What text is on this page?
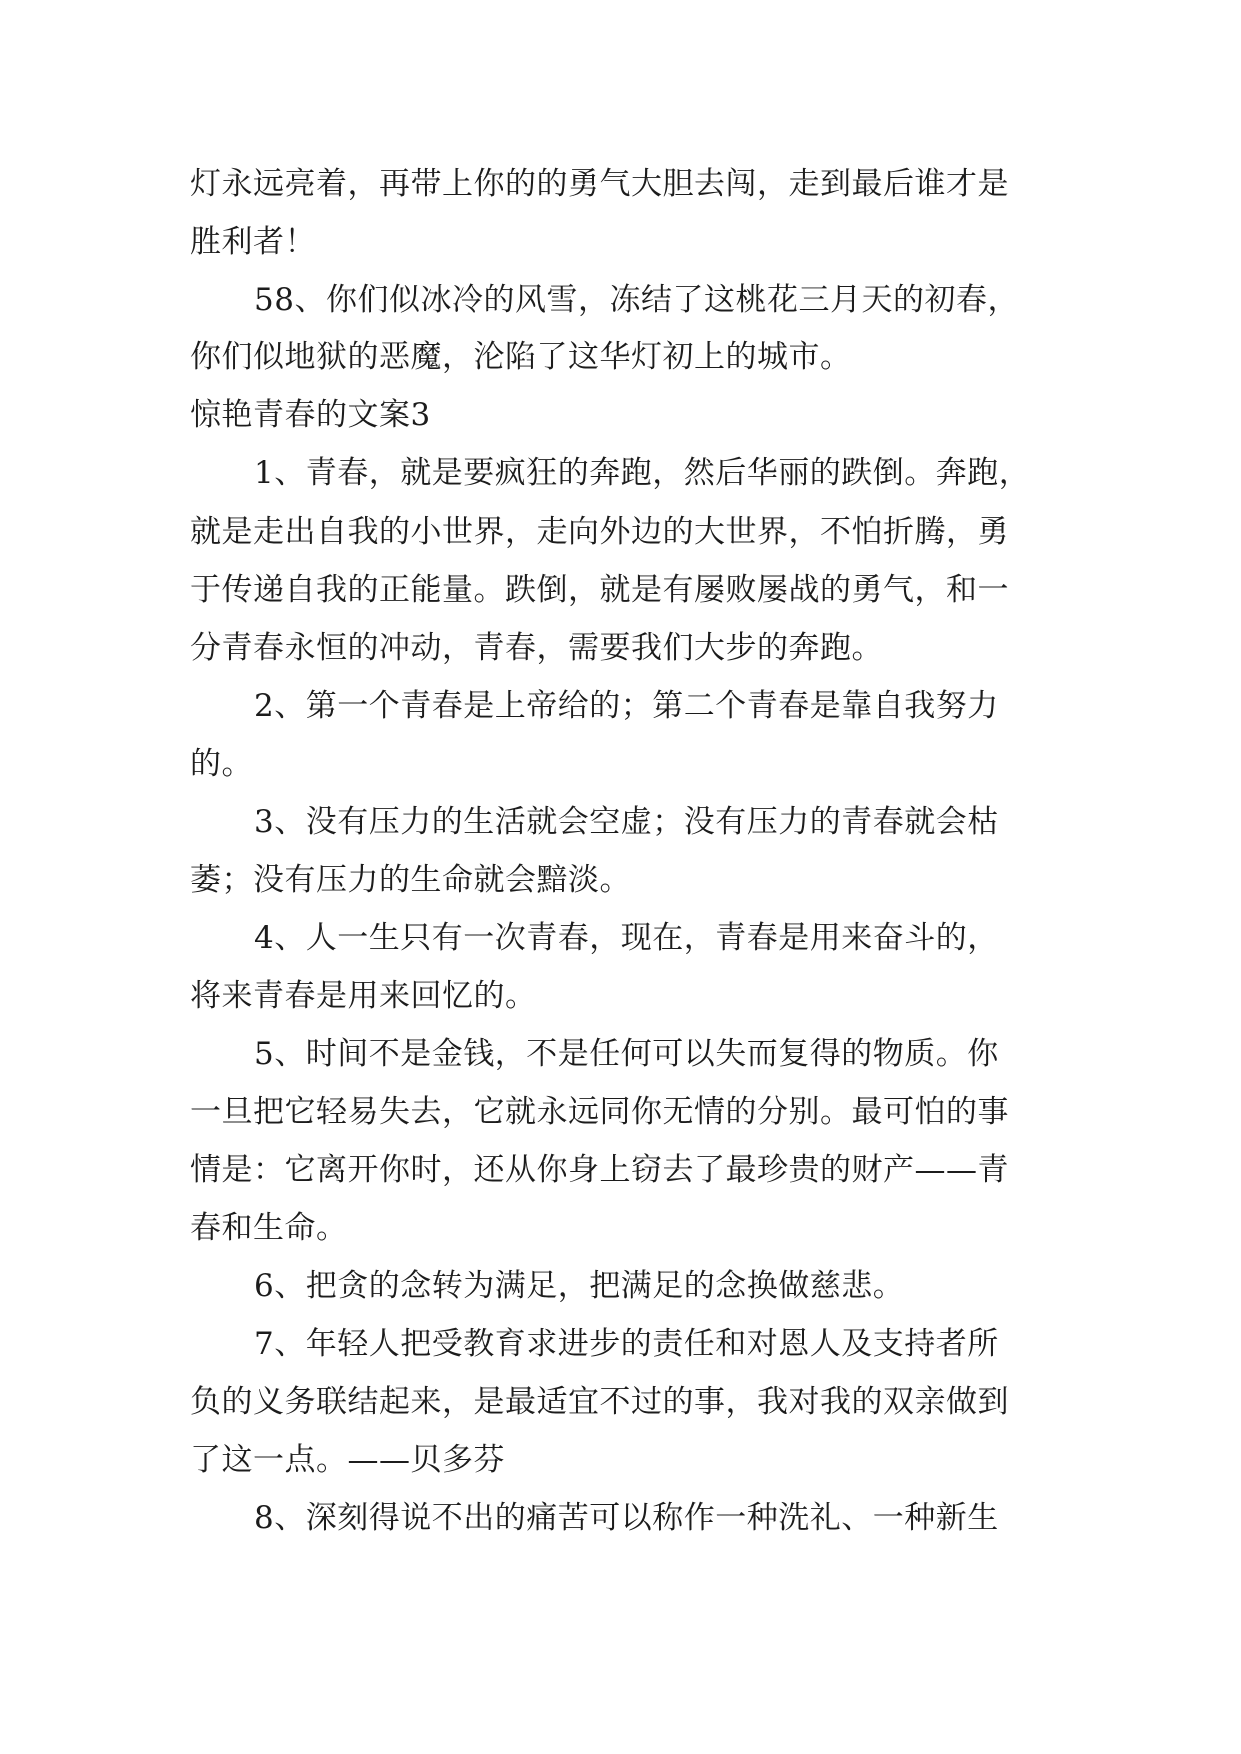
灯永远亮着，再带上你的的勇气大胆去闯，走到最后谁才是
胜利者！
58、你们似冰冷的风雪，冻结了这桃花三月天的初春，
你们似地狱的恶魔，沦陷了这华灯初上的城市。
惊艳青春的文案3
1、青春，就是要疯狂的奔跑，然后华丽的跌倒。奔跑，
就是走出自我的小世界，走向外边的大世界，不怕折腾，勇
于传递自我的正能量。跌倒，就是有屡败屡战的勇气，和一
分青春永恒的冲动，青春，需要我们大步的奔跑。
2、第一个青春是上帝给的；第二个青春是靠自我努力
的。
3、没有压力的生活就会空虚；没有压力的青春就会枯
萎；没有压力的生命就会黯淡。
4、人一生只有一次青春，现在，青春是用来奋斗的，
将来青春是用来回忆的。
5、时间不是金钱，不是任何可以失而复得的物质。你
一旦把它轻易失去，它就永远同你无情的分别。最可怕的事
情是：它离开你时，还从你身上窃去了最珍贵的财产——青
春和生命。
6、把贪的念转为满足，把满足的念换做慈悲。
7、年轻人把受教育求进步的责任和对恩人及支持者所
负的义务联结起来，是最适宜不过的事，我对我的双亲做到
了这一点。——贝多芬
8、深刻得说不出的痛苦可以称作一种洗礼、一种新生
